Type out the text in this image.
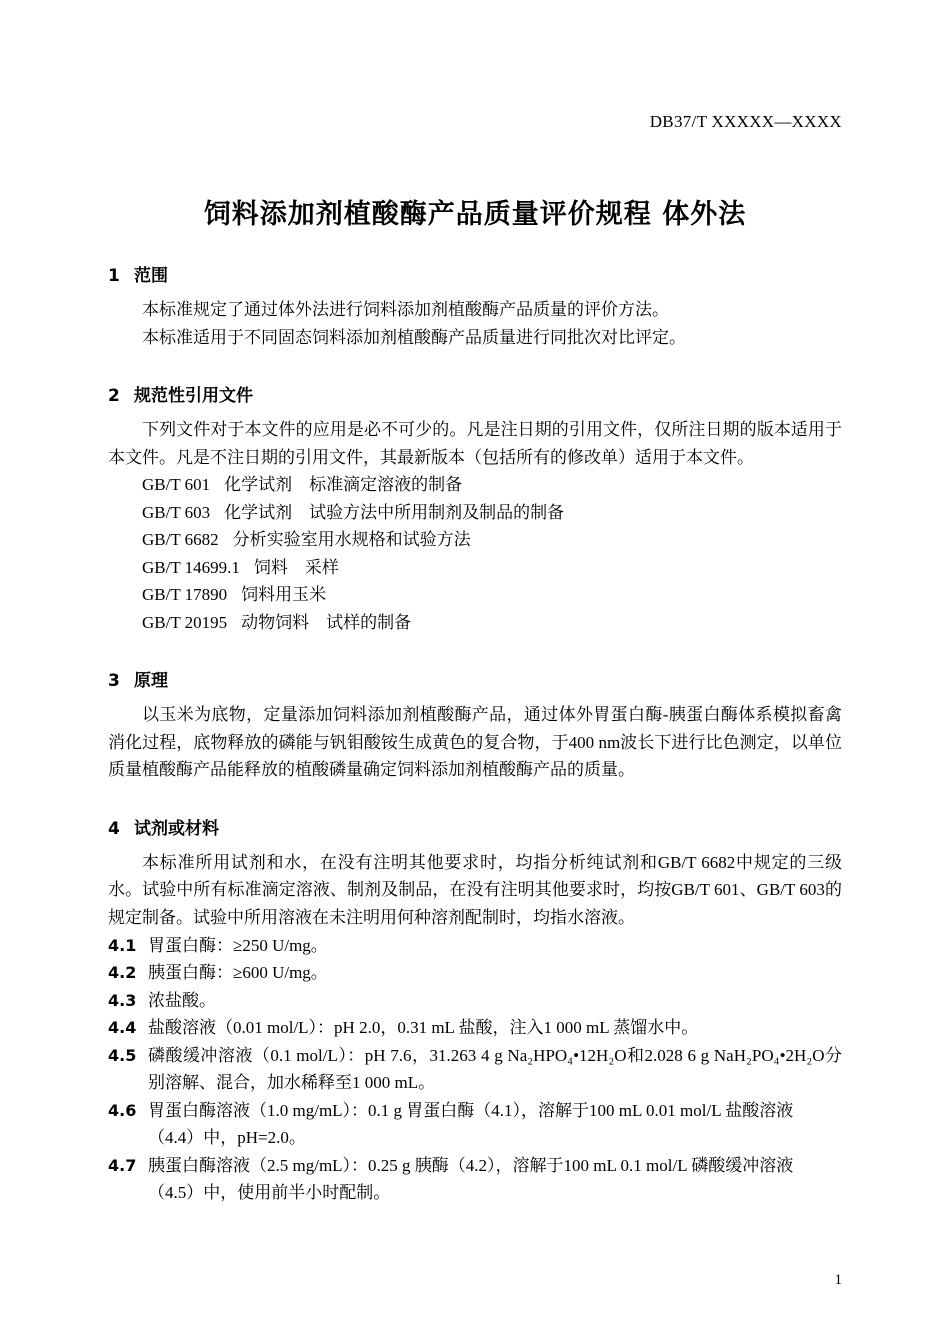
DB37/T XXXXX—XXXX
饲料添加剂植酸酶产品质量评价规程 体外法
1 范围

本标准规定了通过体外法进行饲料添加剂植酸酶产品质量的评价方法。

本标准适用于不同固态饲料添加剂植酸酶产品质量进行同批次对比评定。

2 规范性引用文件

下列文件对于本文件的应用是必不可少的。凡是注日期的引用文件，仅所注日期的版本适用于本文件。凡是不注日期的引用文件，其最新版本（包括所有的修改单）适用于本文件。

GB/T 601 化学试剂　标准滴定溶液的制备

GB/T 603 化学试剂　试验方法中所用制剂及制品的制备

GB/T 6682 分析实验室用水规格和试验方法

GB/T 14699.1 饲料　采样

GB/T 17890 饲料用玉米

GB/T 20195 动物饲料　试样的制备

3 原理

以玉米为底物，定量添加饲料添加剂植酸酶产品，通过体外胃蛋白酶-胰蛋白酶体系模拟畜禽消化过程，底物释放的磷能与钒钼酸铵生成黄色的复合物，于400 nm波长下进行比色测定，以单位质量植酸酶产品能释放的植酸磷量确定饲料添加剂植酸酶产品的质量。

4 试剂或材料

本标准所用试剂和水，在没有注明其他要求时，均指分析纯试剂和GB/T 6682中规定的三级水。试验中所有标准滴定溶液、制剂及制品，在没有注明其他要求时，均按GB/T 601、GB/T 603的规定制备。试验中所用溶液在未注明用何种溶剂配制时，均指水溶液。

4.1 胃蛋白酶：≥250 U/mg。
4.2 胰蛋白酶：≥600 U/mg。
4.3 浓盐酸。
4.4 盐酸溶液（0.01 mol/L）：pH 2.0，0.31 mL 盐酸，注入1 000 mL 蒸馏水中。
4.5 磷酸缓冲溶液（0.1 mol/L）：pH 7.6，31.263 4 g Na₂HPO₄•12H₂O和2.028 6 g NaH₂PO₄•2H₂O分别溶解、混合，加水稀释至1 000 mL。
4.6 胃蛋白酶溶液（1.0 mg/mL）：0.1 g 胃蛋白酶（4.1），溶解于100 mL 0.01 mol/L 盐酸溶液

（4.4）中，pH=2.0。

4.7 胰蛋白酶溶液（2.5 mg/mL）：0.25 g 胰酶（4.2），溶解于100 mL 0.1 mol/L 磷酸缓冲溶液

（4.5）中，使用前半小时配制。

1
